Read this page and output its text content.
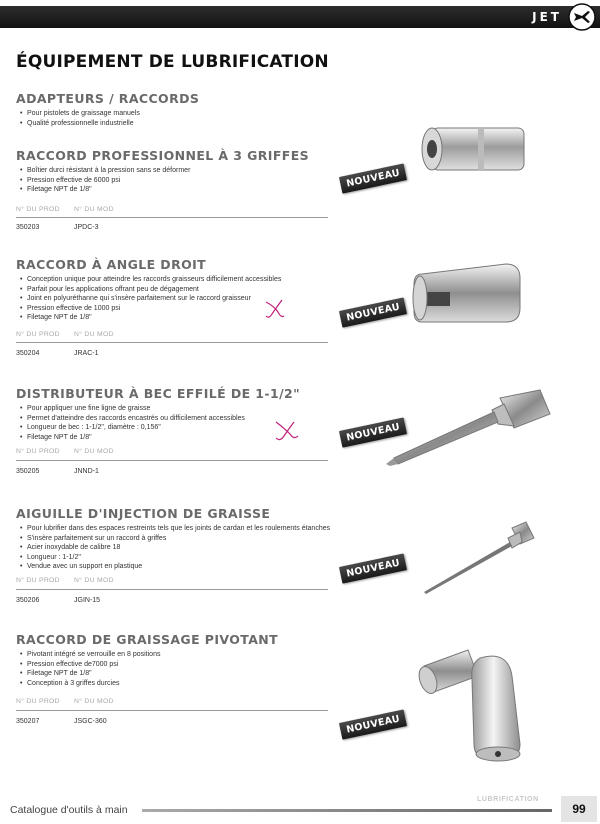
JET
ÉQUIPEMENT DE LUBRIFICATION
ADAPTEURS / RACCORDS
• Pour pistolets de graissage manuels
• Qualité professionnelle industrielle
RACCORD PROFESSIONNEL À 3 GRIFFES
• Boîtier durci résistant à la pression sans se déformer
• Pression effective de 6000 psi
• Filetage NPT de 1/8"
N° DU PROD N° DU MOD
350203	JPDC-3
NOUVEAU
RACCORD À ANGLE DROIT
• Conception unique pour atteindre les raccords graisseurs difficilement accessibles
• Parfait pour les applications offrant peu de dégagement
• Joint en polyuréthanne qui s'insère parfaitement sur le raccord graisseur
• Pression effective de 1000 psi
• Filetage NPT de 1/8"
N° DU PROD N° DU MOD
350204	JRAC-1
NOUVEAU
DISTRIBUTEUR À BEC EFFILÉ DE 1-1/2"
• Pour appliquer une fine ligne de graisse
• Permet d'atteindre des raccords encastrés ou difficilement accessibles
• Longueur de bec : 1-1/2", diamètre : 0,156"
• Filetage NPT de 1/8"
N° DU PROD N° DU MOD
350205	JNND-1
NOUVEAU
AIGUILLE D'INJECTION DE GRAISSE
• Pour lubrifier dans des espaces restreints tels que les joints de cardan et les roulements étanches
• S'insère parfaitement sur un raccord à griffes
• Acier inoxydable de calibre 18
• Longueur : 1-1/2"
• Vendue avec un support en plastique
N° DU PROD N° DU MOD
350206	JGIN-15
NOUVEAU
RACCORD DE GRAISSAGE PIVOTANT
• Pivotant intégré se verrouille en 8 positions
• Pression effective de7000 psi
• Filetage NPT de 1/8"
• Conception à 3 griffes durcies
N° DU PROD N° DU MOD
350207	JSGC-360	NOUVEAU
Catalogue d'outils à main
LUBRIFICATION
99
